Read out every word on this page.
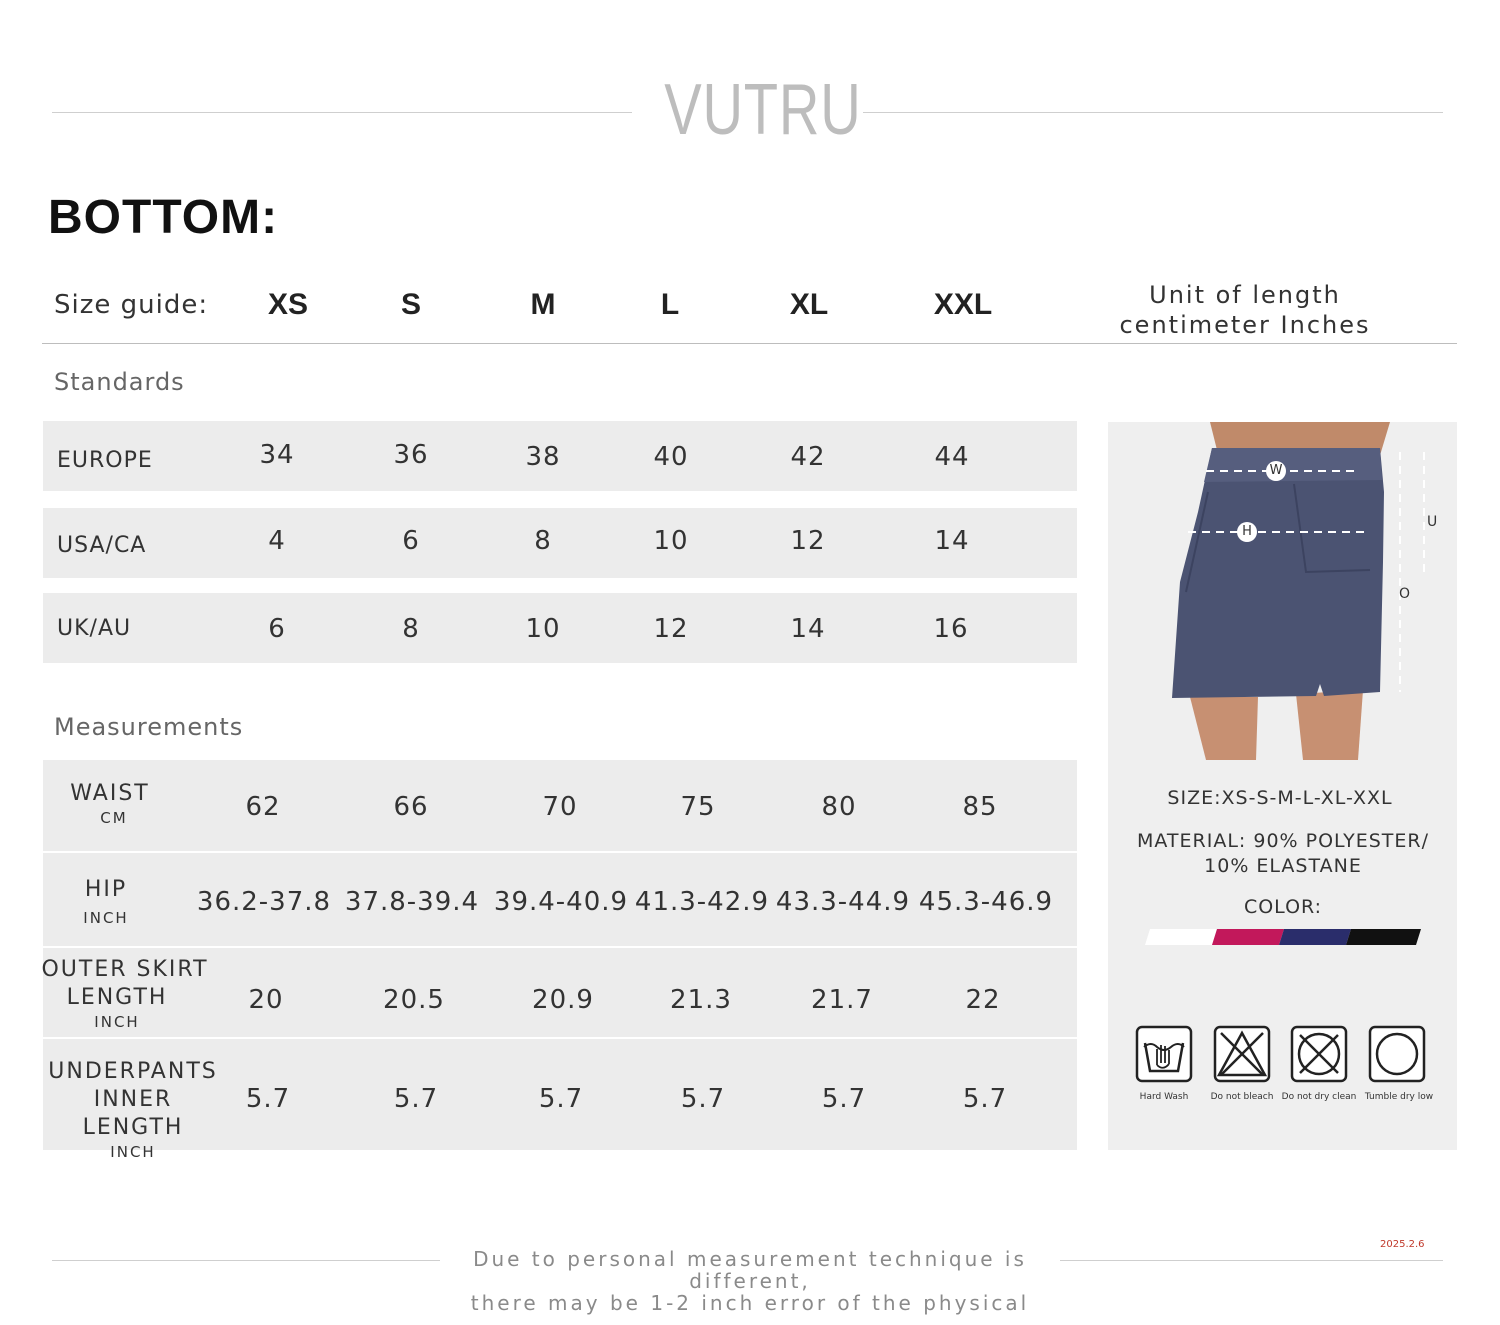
VUTRU
BOTTOM:
Size guide:	XS	S	M	L	XL	XXL	Unit of length
centimeter Inches
Standards
EUROPE	34	36	38	40	42	44
USA/CA	4	6	8	10	12	14
UK/AU	6	8	10	12	14	16
Measurements
WAIST
CM	62	66	70	75	80	85
HIP
INCH
36.2-37.8 37.8-39.4 39.4-40.9 41.3-42.9 43.3-44.9 45.3-46.9
OUTER SKIRT
LENGTH
INCH
20	20.5	20.9	21.3	21.7	22
UNDERPANTS
INNER LENGTH
INCH
5.7	5.7	5.7	5.7	5.7	5.7
W
H
U
O
SIZE:XS-S-M-L-XL-XXL
MATERIAL: 90% POLYESTER/
10% ELASTANE
COLOR:
Hard Wash	Do not bleach Do not dry clean Tumble dry low
2025.2.6
Due to personal measurement technique is different,
there may be 1-2 inch error of the physical
